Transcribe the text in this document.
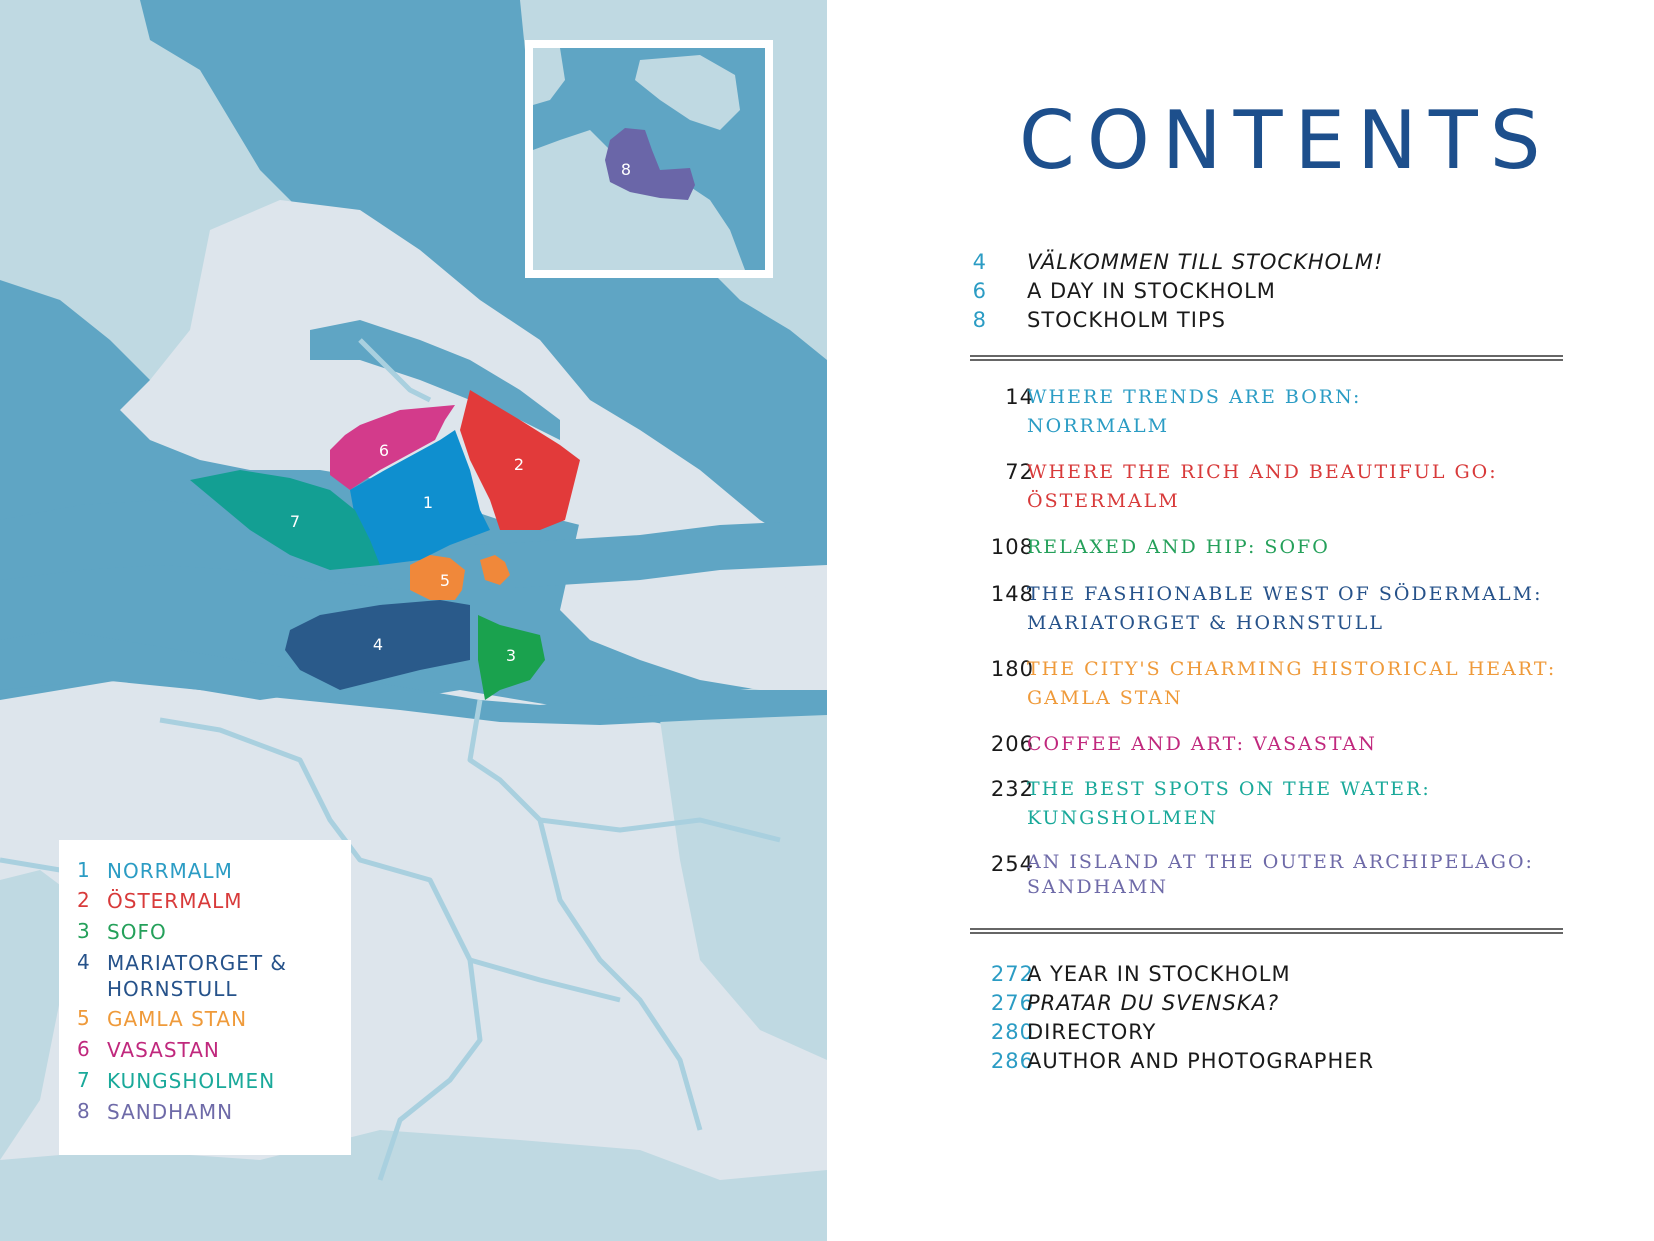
1
2
3
4
5
6
7
8
1 NORRMALM
2 ÖSTERMALM
3 SOFO
4 MARIATORGET & HORNSTULL
5 GAMLA STAN
6 VASASTAN
7 KUNGSHOLMEN
8 SANDHAMN
CONTENTS
4 VÄLKOMMEN TILL STOCKHOLM!
6 A DAY IN STOCKHOLM
8 STOCKHOLM TIPS
14
WHERE TRENDS ARE BORN:
NORRMALM
72
WHERE THE RICH AND BEAUTIFUL GO:
ÖSTERMALM
108
RELAXED AND HIP: SOFO
148
THE FASHIONABLE WEST OF SÖDERMALM:
MARIATORGET & HORNSTULL
180
THE CITY'S CHARMING HISTORICAL HEART:
GAMLA STAN
206
COFFEE AND ART: VASASTAN
232
THE BEST SPOTS ON THE WATER:
KUNGSHOLMEN
254
AN ISLAND AT THE OUTER ARCHIPELAGO:
SANDHAMN
272
A YEAR IN STOCKHOLM
276
PRATAR DU SVENSKA?
280
DIRECTORY
286
AUTHOR AND PHOTOGRAPHER
